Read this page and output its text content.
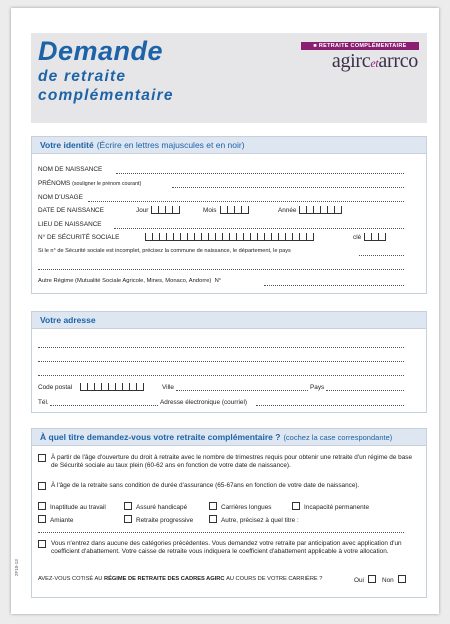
2F10-13
Demande
de retraite
complémentaire
■ RETRAITE COMPLÉMENTAIRE
agircetarrco
Votre identité (Écrire en lettres majuscules et en noir)
NOM DE NAISSANCE
PRÉNOMS
(souligner le prénom courant)
NOM D'USAGE
DATE DE NAISSANCE	Jour	Mois	Année
LIEU DE NAISSANCE
N° DE SÉCURITÉ SOCIALE	clé
Si le n° de Sécurité sociale est incomplet, précisez la commune de naissance, le département, le pays
Autre Régime (Mutualité Sociale Agricole, Mines, Monaco, Andorre)
N°
Votre adresse
Code postal	Ville	Pays
Tél.	Adresse électronique (courriel)
À quel titre demandez-vous votre retraite complémentaire ? (cochez la case correspondante)
À partir de l'âge d'ouverture du droit à retraite avec le nombre de trimestres requis pour obtenir une retraite d'un régime de base de Sécurité sociale au taux plein (60-62 ans en fonction de votre date de naissance).
À l'âge de la retraite sans condition de durée d'assurance (65-67ans en fonction de votre date de naissance).
Inaptitude au travail	Assuré handicapé	Carrières longues	Incapacité permanente
Amiante	Retraite progressive	Autre, précisez à quel titre :
Vous n'entrez dans aucune des catégories précédentes. Vous demandez votre retraite par anticipation avec application d'un coefficient d'abattement. Votre caisse de retraite vous indiquera le coefficient d'abattement applicable à votre allocation.
AVEZ-VOUS COTISÉ AU
RÉGIME DE RETRAITE DES CADRES AGIRC
AU COURS DE VOTRE CARRIÈRE ?	Oui	Non
